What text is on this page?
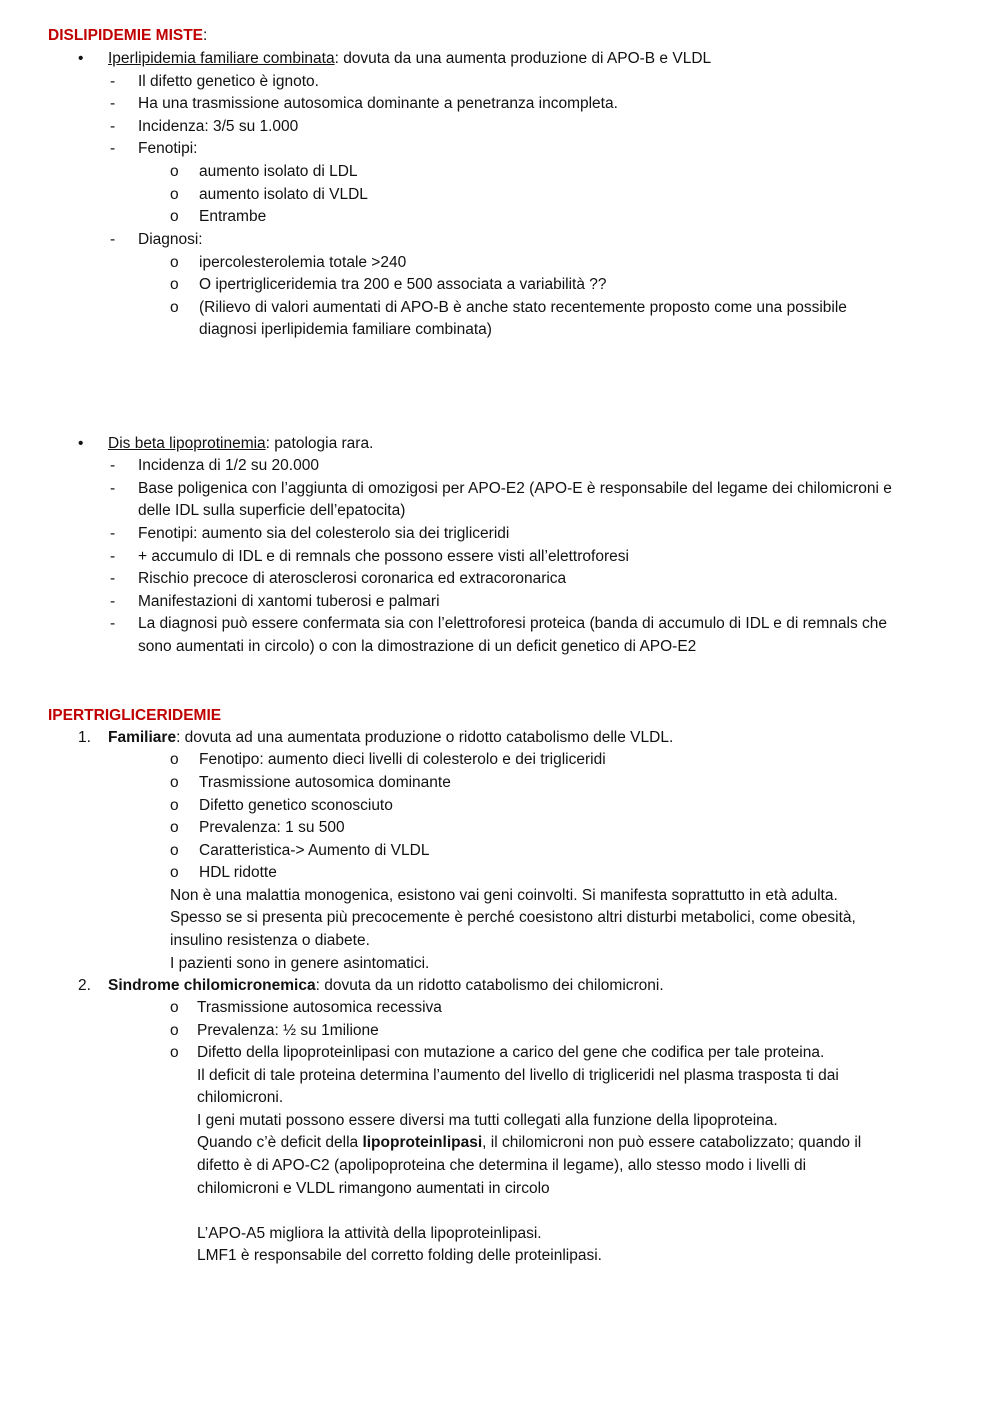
DISLIPIDEMIE MISTE:
• Iperlipidemia familiare combinata: dovuta da una aumenta produzione di APO-B e VLDL
- Il difetto genetico è ignoto.
- Ha una trasmissione autosomica dominante a penetranza incompleta.
- Incidenza: 3/5 su 1.000
- Fenotipi:
o aumento isolato di LDL
o aumento isolato di VLDL
o Entrambe
- Diagnosi:
o ipercolesterolemia totale >240
o O ipertrigliceridemia tra 200 e 500 associata a variabilità ??
o (Rilievo di valori aumentati di APO-B è anche stato recentemente proposto come una possibile
diagnosi iperlipidemia familiare combinata)
• Dis beta lipoprotinemia: patologia rara.
- Incidenza di 1/2 su 20.000
- Base poligenica con l’aggiunta di omozigosi per APO-E2 (APO-E è responsabile del legame dei chilomicroni e
delle IDL sulla superficie dell’epatocita)
- Fenotipi: aumento sia del colesterolo sia dei trigliceridi
- + accumulo di IDL e di remnals che possono essere visti all’elettroforesi
- Rischio precoce di aterosclerosi coronarica ed extracoronarica
- Manifestazioni di xantomi tuberosi e palmari
- La diagnosi può essere confermata sia con l’elettroforesi proteica (banda di accumulo di IDL e di remnals che
sono aumentati in circolo) o con la dimostrazione di un deficit genetico di APO-E2
IPERTRIGLICERIDEMIE
1. Familiare: dovuta ad una aumentata produzione o ridotto catabolismo delle VLDL.
o Fenotipo: aumento dieci livelli di colesterolo e dei trigliceridi
o Trasmissione autosomica dominante
o Difetto genetico sconosciuto
o Prevalenza: 1 su 500
o Caratteristica-> Aumento di VLDL
o HDL ridotte
Non è una malattia monogenica, esistono vai geni coinvolti. Si manifesta soprattutto in età adulta.
Spesso se si presenta più precocemente è perché coesistono altri disturbi metabolici, come obesità,
insulino resistenza o diabete.
I pazienti sono in genere asintomatici.
2. Sindrome chilomicronemica: dovuta da un ridotto catabolismo dei chilomicroni.
o Trasmissione autosomica recessiva
o Prevalenza: ½ su 1milione
o Difetto della lipoproteinlipasi con mutazione a carico del gene che codifica per tale proteina.
Il deficit di tale proteina determina l’aumento del livello di trigliceridi nel plasma trasposta ti dai
chilomicroni.
I geni mutati possono essere diversi ma tutti collegati alla funzione della lipoproteina.
Quando c’è deficit della lipoproteinlipasi, il chilomicroni non può essere catabolizzato; quando il
difetto è di APO-C2 (apolipoproteina che determina il legame), allo stesso modo i livelli di
chilomicroni e VLDL rimangono aumentati in circolo
L’APO-A5 migliora la attività della lipoproteinlipasi.
LMF1 è responsabile del corretto folding delle proteinlipasi.
